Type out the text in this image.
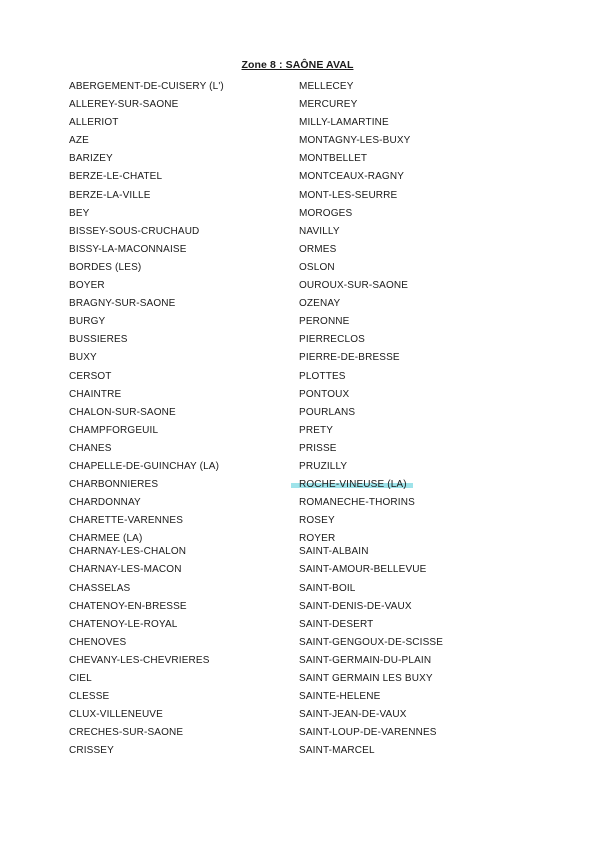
Zone 8 : SAÔNE AVAL
ABERGEMENT-DE-CUISERY (L')
ALLEREY-SUR-SAONE
ALLERIOT
AZE
BARIZEY
BERZE-LE-CHATEL
BERZE-LA-VILLE
BEY
BISSEY-SOUS-CRUCHAUD
BISSY-LA-MACONNAISE
BORDES (LES)
BOYER
BRAGNY-SUR-SAONE
BURGY
BUSSIERES
BUXY
CERSOT
CHAINTRE
CHALON-SUR-SAONE
CHAMPFORGEUIL
CHANES
CHAPELLE-DE-GUINCHAY (LA)
CHARBONNIERES
CHARDONNAY
CHARETTE-VARENNES
CHARMEE (LA)
CHARNAY-LES-CHALON
CHARNAY-LES-MACON
CHASSELAS
CHATENOY-EN-BRESSE
CHATENOY-LE-ROYAL
CHENOVES
CHEVANY-LES-CHEVRIERES
CIEL
CLESSE
CLUX-VILLENEUVE
CRECHES-SUR-SAONE
CRISSEY
MELLECEY
MERCUREY
MILLY-LAMARTINE
MONTAGNY-LES-BUXY
MONTBELLET
MONTCEAUX-RAGNY
MONT-LES-SEURRE
MOROGES
NAVILLY
ORMES
OSLON
OUROUX-SUR-SAONE
OZENAY
PERONNE
PIERRECLOS
PIERRE-DE-BRESSE
PLOTTES
PONTOUX
POURLANS
PRETY
PRISSE
PRUZILLY
ROCHE-VINEUSE (LA)
ROMANECHE-THORINS
ROSEY
ROYER
SAINT-ALBAIN
SAINT-AMOUR-BELLEVUE
SAINT-BOIL
SAINT-DENIS-DE-VAUX
SAINT-DESERT
SAINT-GENGOUX-DE-SCISSE
SAINT-GERMAIN-DU-PLAIN
SAINT GERMAIN LES BUXY
SAINTE-HELENE
SAINT-JEAN-DE-VAUX
SAINT-LOUP-DE-VARENNES
SAINT-MARCEL
